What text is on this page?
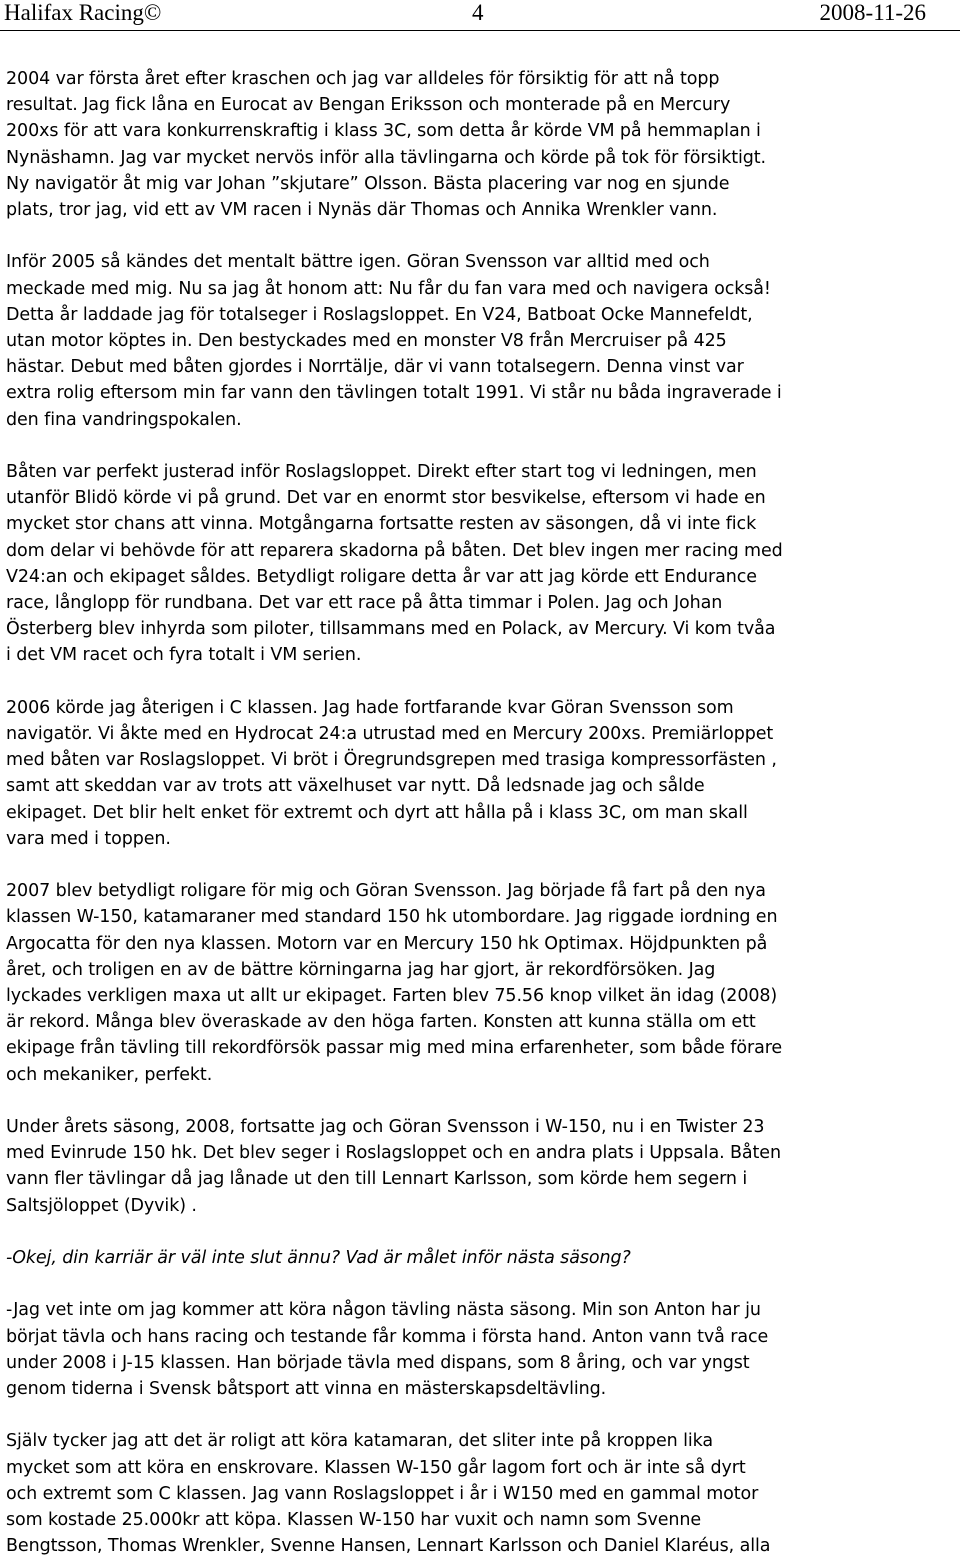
Halifax Racing©	4	2008-11-26

2004 var första året efter kraschen och jag var alldeles för försiktig för att nå topp
resultat. Jag fick låna en Eurocat av Bengan Eriksson och monterade på en Mercury
200xs för att vara konkurrenskraftig i klass 3C, som detta år körde VM på hemmaplan i
Nynäshamn. Jag var mycket nervös inför alla tävlingarna och körde på tok för försiktigt.
Ny navigatör åt mig var Johan ”skjutare” Olsson. Bästa placering var nog en sjunde
plats, tror jag, vid ett av VM racen i Nynäs där Thomas och Annika Wrenkler vann.

Inför 2005 så kändes det mentalt bättre igen. Göran Svensson var alltid med och
meckade med mig. Nu sa jag åt honom att: Nu får du fan vara med och navigera också!
Detta år laddade jag för totalseger i Roslagsloppet. En V24, Batboat Ocke Mannefeldt,
utan motor köptes in. Den bestyckades med en monster V8 från Mercruiser på 425
hästar. Debut med båten gjordes i Norrtälje, där vi vann totalsegern. Denna vinst var
extra rolig eftersom min far vann den tävlingen totalt 1991. Vi står nu båda ingraverade i
den fina vandringspokalen.

Båten var perfekt justerad inför Roslagsloppet. Direkt efter start tog vi ledningen, men
utanför Blidö körde vi på grund. Det var en enormt stor besvikelse, eftersom vi hade en
mycket stor chans att vinna. Motgångarna fortsatte resten av säsongen, då vi inte fick
dom delar vi behövde för att reparera skadorna på båten. Det blev ingen mer racing med
V24:an och ekipaget såldes. Betydligt roligare detta år var att jag körde ett Endurance
race, långlopp för rundbana. Det var ett race på åtta timmar i Polen. Jag och Johan
Österberg blev inhyrda som piloter, tillsammans med en Polack, av Mercury. Vi kom tvåa
i det VM racet och fyra totalt i VM serien.

2006 körde jag återigen i C klassen. Jag hade fortfarande kvar Göran Svensson som
navigatör. Vi åkte med en Hydrocat 24:a utrustad med en Mercury 200xs. Premiärloppet
med båten var Roslagsloppet. Vi bröt i Öregrundsgrepen med trasiga kompressorfästen ,
samt att skeddan var av trots att växelhuset var nytt. Då ledsnade jag och sålde
ekipaget. Det blir helt enket för extremt och dyrt att hålla på i klass 3C, om man skall
vara med i toppen.

2007 blev betydligt roligare för mig och Göran Svensson. Jag började få fart på den nya
klassen W-150, katamaraner med standard 150 hk utombordare. Jag riggade iordning en
Argocatta för den nya klassen. Motorn var en Mercury 150 hk Optimax. Höjdpunkten på
året, och troligen en av de bättre körningarna jag har gjort, är rekordförsöken. Jag
lyckades verkligen maxa ut allt ur ekipaget. Farten blev 75.56 knop vilket än idag (2008)
är rekord. Många blev överaskade av den höga farten. Konsten att kunna ställa om ett
ekipage från tävling till rekordförsök passar mig med mina erfarenheter, som både förare
och mekaniker, perfekt.

Under årets säsong, 2008, fortsatte jag och Göran Svensson i W-150, nu i en Twister 23
med Evinrude 150 hk. Det blev seger i Roslagsloppet och en andra plats i Uppsala. Båten
vann fler tävlingar då jag lånade ut den till Lennart Karlsson, som körde hem segern i
Saltsjöloppet (Dyvik) .

-Okej, din karriär är väl inte slut ännu? Vad är målet inför nästa säsong?

-Jag vet inte om jag kommer att köra någon tävling nästa säsong. Min son Anton har ju
börjat tävla och hans racing och testande får komma i första hand. Anton vann två race
under 2008 i J-15 klassen. Han började tävla med dispans, som 8 åring, och var yngst
genom tiderna i Svensk båtsport att vinna en mästerskapsdeltävling.

Själv tycker jag att det är roligt att köra katamaran, det sliter inte på kroppen lika
mycket som att köra en enskrovare. Klassen W-150 går lagom fort och är inte så dyrt
och extremt som C klassen. Jag vann Roslagsloppet i år i W150 med en gammal motor
som kostade 25.000kr att köpa. Klassen W-150 har vuxit och namn som Svenne
Bengtsson, Thomas Wrenkler, Svenne Hansen, Lennart Karlsson och Daniel Klaréus, alla
